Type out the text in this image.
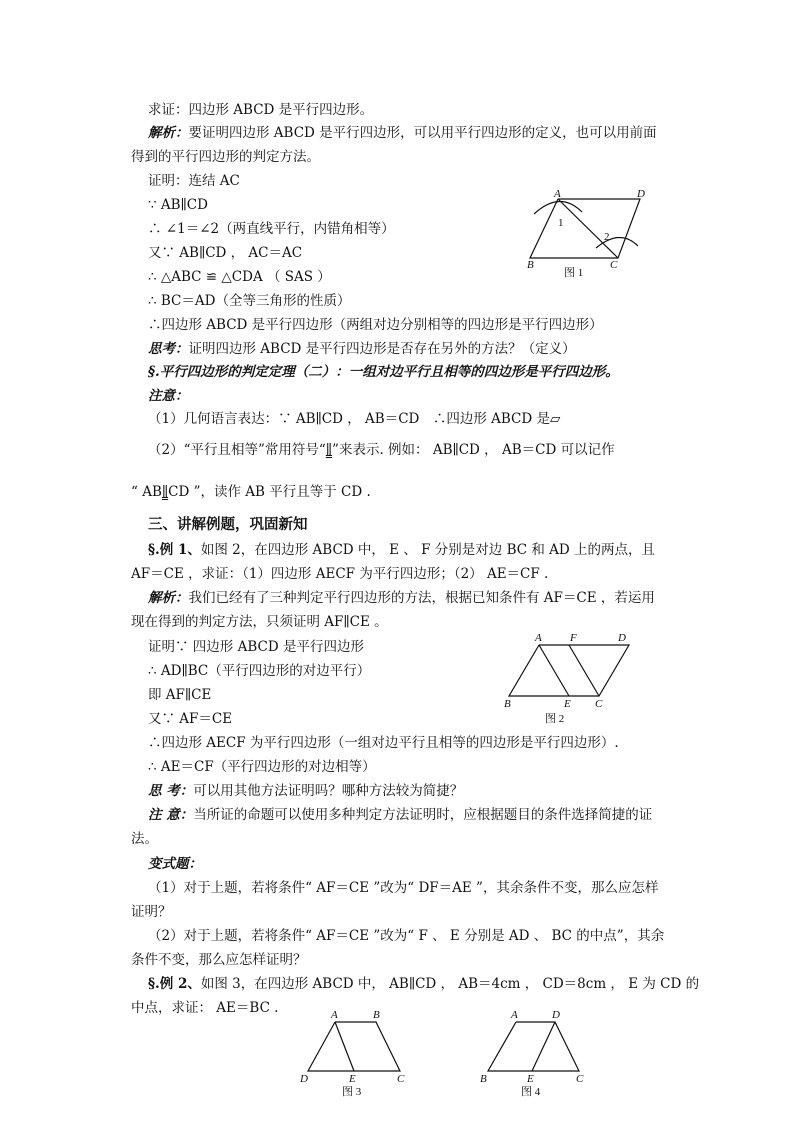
求证：四边形 ABCD 是平行四边形。
解析：要证明四边形 ABCD 是平行四边形，可以用平行四边形的定义，也可以用前面
得到的平行四边形的判定方法。
证明：连结 AC
∵ AB∥CD
∴ ∠1＝∠2（两直线平行，内错角相等）
又∵ AB∥CD ， AC＝AC
∴ △ABC ≌ △CDA （ SAS ）
∴ BC＝AD（全等三角形的性质）
∴四边形 ABCD 是平行四边形（两组对边分别相等的四边形是平行四边形）
思考：证明四边形 ABCD 是平行四边形是否存在另外的方法？（定义）
§.平行四边形的判定定理（二）：一组对边平行且相等的四边形是平行四边形。
注意：
（1）几何语言表达：∵ AB∥CD ， AB＝CD　∴四边形 ABCD 是▱
（2）“平行且相等”常用符号“∥”来表示. 例如： AB∥CD ， AB＝CD 可以记作
“ AB∥CD ”，读作 AB 平行且等于 CD .
三、讲解例题，巩固新知
§.例 1、如图 2，在四边形 ABCD 中， E 、 F 分别是对边 BC 和 AD 上的两点，且
AF＝CE ，求证：（1）四边形 AECF 为平行四边形；（2） AE＝CF .
解析：我们已经有了三种判定平行四边形的方法，根据已知条件有 AF＝CE ，若运用
现在得到的判定方法，只须证明 AF∥CE 。
证明∵ 四边形 ABCD 是平行四边形
∴ AD∥BC（平行四边形的对边平行）
即 AF∥CE
又∵ AF＝CE
∴四边形 AECF 为平行四边形（一组对边平行且相等的四边形是平行四边形）.
∴ AE＝CF（平行四边形的对边相等）
思 考：可以用其他方法证明吗？哪种方法较为简捷？
注 意：当所证的命题可以使用多种判定方法证明时，应根据题目的条件选择简捷的证
法。
变式题：
（1）对于上题，若将条件“ AF＝CE ”改为“ DF＝AE ”，其余条件不变，那么应怎样
证明？
（2）对于上题，若将条件“ AF＝CE ”改为“ F 、 E 分别是 AD 、 BC 的中点”，其余
条件不变，那么应怎样证明？
§.例 2、如图 3，在四边形 ABCD 中， AB∥CD ， AB＝4cm ， CD＝8cm ， E 为 CD 的
中点，求证： AE＝BC .
A	D
B	C
1
2
图 1
A	F	D
B	E C
图 2
A	B
D	E	C
图 3
A	D
B	E	C
图 4
